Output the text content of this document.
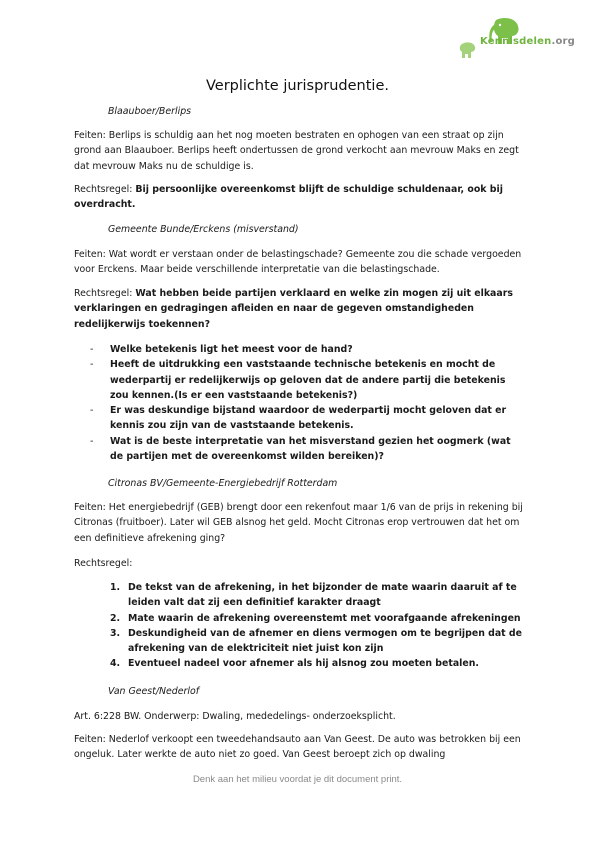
Kennisdelen.org
Verplichte jurisprudentie.
Blaauboer/Berlips
Feiten: Berlips is schuldig aan het nog moeten bestraten en ophogen van een straat op zijn grond aan Blaauboer. Berlips heeft ondertussen de grond verkocht aan mevrouw Maks en zegt dat mevrouw Maks nu de schuldige is.
Rechtsregel: Bij persoonlijke overeenkomst blijft de schuldige schuldenaar, ook bij overdracht.
Gemeente Bunde/Erckens (misverstand)
Feiten: Wat wordt er verstaan onder de belastingschade? Gemeente zou die schade vergoeden voor Erckens. Maar beide verschillende interpretatie van die belastingschade.
Rechtsregel: Wat hebben beide partijen verklaard en welke zin mogen zij uit elkaars verklaringen en gedragingen afleiden en naar de gegeven omstandigheden redelijkerwijs toekennen?
- Welke betekenis ligt het meest voor de hand?
- Heeft de uitdrukking een vaststaande technische betekenis en mocht de wederpartij er redelijkerwijs op geloven dat de andere partij die betekenis zou kennen.(Is er een vaststaande betekenis?)
- Er was deskundige bijstand waardoor de wederpartij mocht geloven dat er kennis zou zijn van de vaststaande betekenis.
- Wat is de beste interpretatie van het misverstand gezien het oogmerk (wat de partijen met de overeenkomst wilden bereiken)?
Citronas BV/Gemeente-Energiebedrijf Rotterdam
Feiten: Het energiebedrijf (GEB) brengt door een rekenfout maar 1/6 van de prijs in rekening bij Citronas (fruitboer). Later wil GEB alsnog het geld. Mocht Citronas erop vertrouwen dat het om een definitieve afrekening ging?
Rechtsregel:
1. De tekst van de afrekening, in het bijzonder de mate waarin daaruit af te leiden valt dat zij een definitief karakter draagt
2. Mate waarin de afrekening overeenstemt met voorafgaande afrekeningen
3. Deskundigheid van de afnemer en diens vermogen om te begrijpen dat de afrekening van de elektriciteit niet juist kon zijn
4. Eventueel nadeel voor afnemer als hij alsnog zou moeten betalen.
Van Geest/Nederlof
Art. 6:228 BW. Onderwerp: Dwaling, mededelings- onderzoeksplicht.
Feiten: Nederlof verkoopt een tweedehandsauto aan Van Geest. De auto was betrokken bij een ongeluk. Later werkte de auto niet zo goed. Van Geest beroept zich op dwaling
Denk aan het milieu voordat je dit document print.
